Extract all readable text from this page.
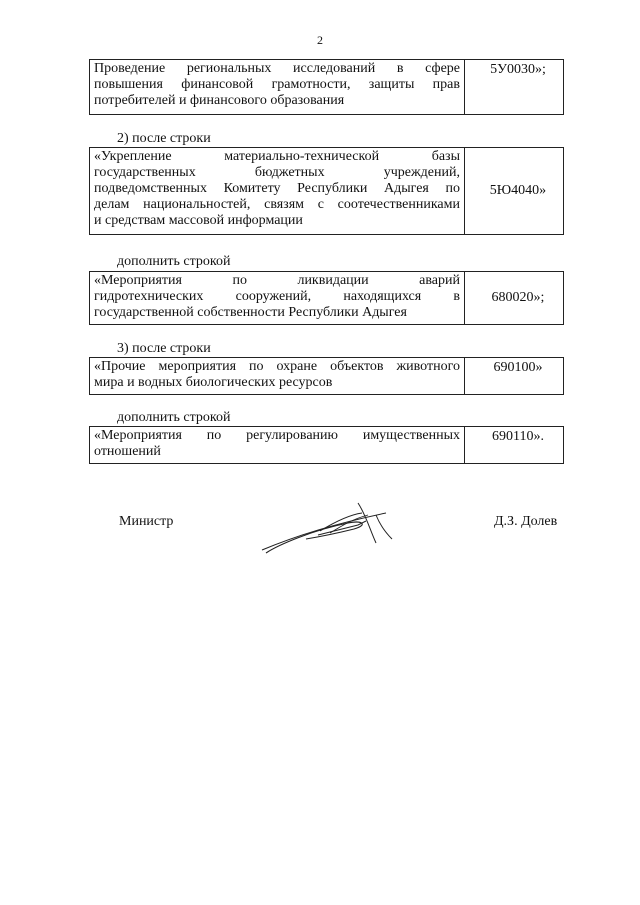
2
Проведение региональных исследований в сфере
повышения финансовой грамотности, защиты прав
потребителей и финансового образования
5У0030»;
2) после строки
«Укрепление материально-технической базы
государственных бюджетных учреждений,
подведомственных Комитету Республики Адыгея по
делам национальностей, связям с соотечественниками
и средствам массовой информации
5Ю4040»
дополнить строкой
«Мероприятия по ликвидации аварий
гидротехнических сооружений, находящихся в
государственной собственности Республики Адыгея
680020»;
3) после строки
«Прочие мероприятия по охране объектов животного
мира и водных биологических ресурсов
690100»
дополнить строкой
«Мероприятия по регулированию имущественных
отношений
690110».
Министр	Д.З. Долев
